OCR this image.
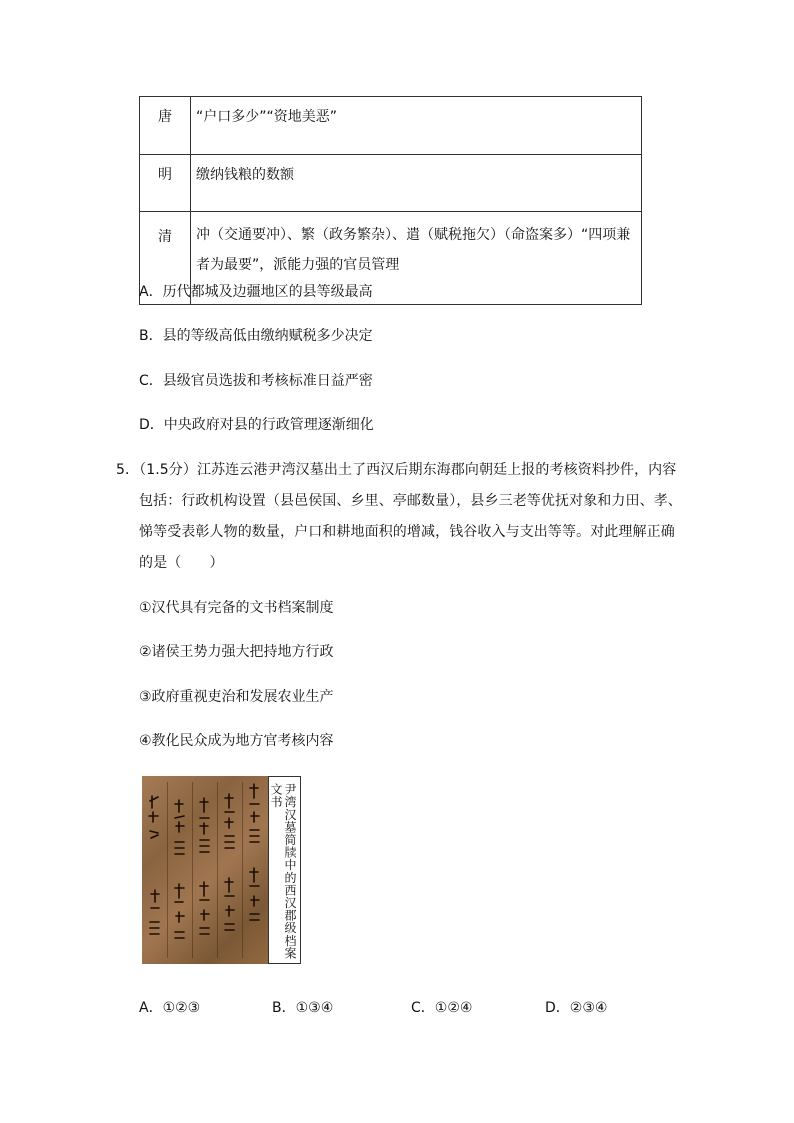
唐	“户口多少”“资地美恶”
明	缴纳钱粮的数额
清	冲（交通要冲）、繁（政务繁杂）、遣（赋税拖欠）（命盗案多）“四项兼者为最要”，派能力强的官员管理
A．历代都城及边疆地区的县等级最高
B．县的等级高低由缴纳赋税多少决定
C．县级官员选拔和考核标准日益严密
D．中央政府对县的行政管理逐渐细化
5．（1.5分）江苏连云港尹湾汉墓出土了西汉后期东海郡向朝廷上报的考核资料抄件，内容
包括：行政机构设置（县邑侯国、乡里、亭邮数量），县乡三老等优抚对象和力田、孝、
悌等受表彰人物的数量，户口和耕地面积的增减，钱谷收入与支出等等。对此理解正确
的是（　　）
①汉代具有完备的文书档案制度
②诸侯王势力强大把持地方行政
③政府重视吏治和发展农业生产
④教化民众成为地方官考核内容
尹湾汉墓简牍中的西汉郡级档案文书
A．①②③	B．①③④	C．①②④	D．②③④
